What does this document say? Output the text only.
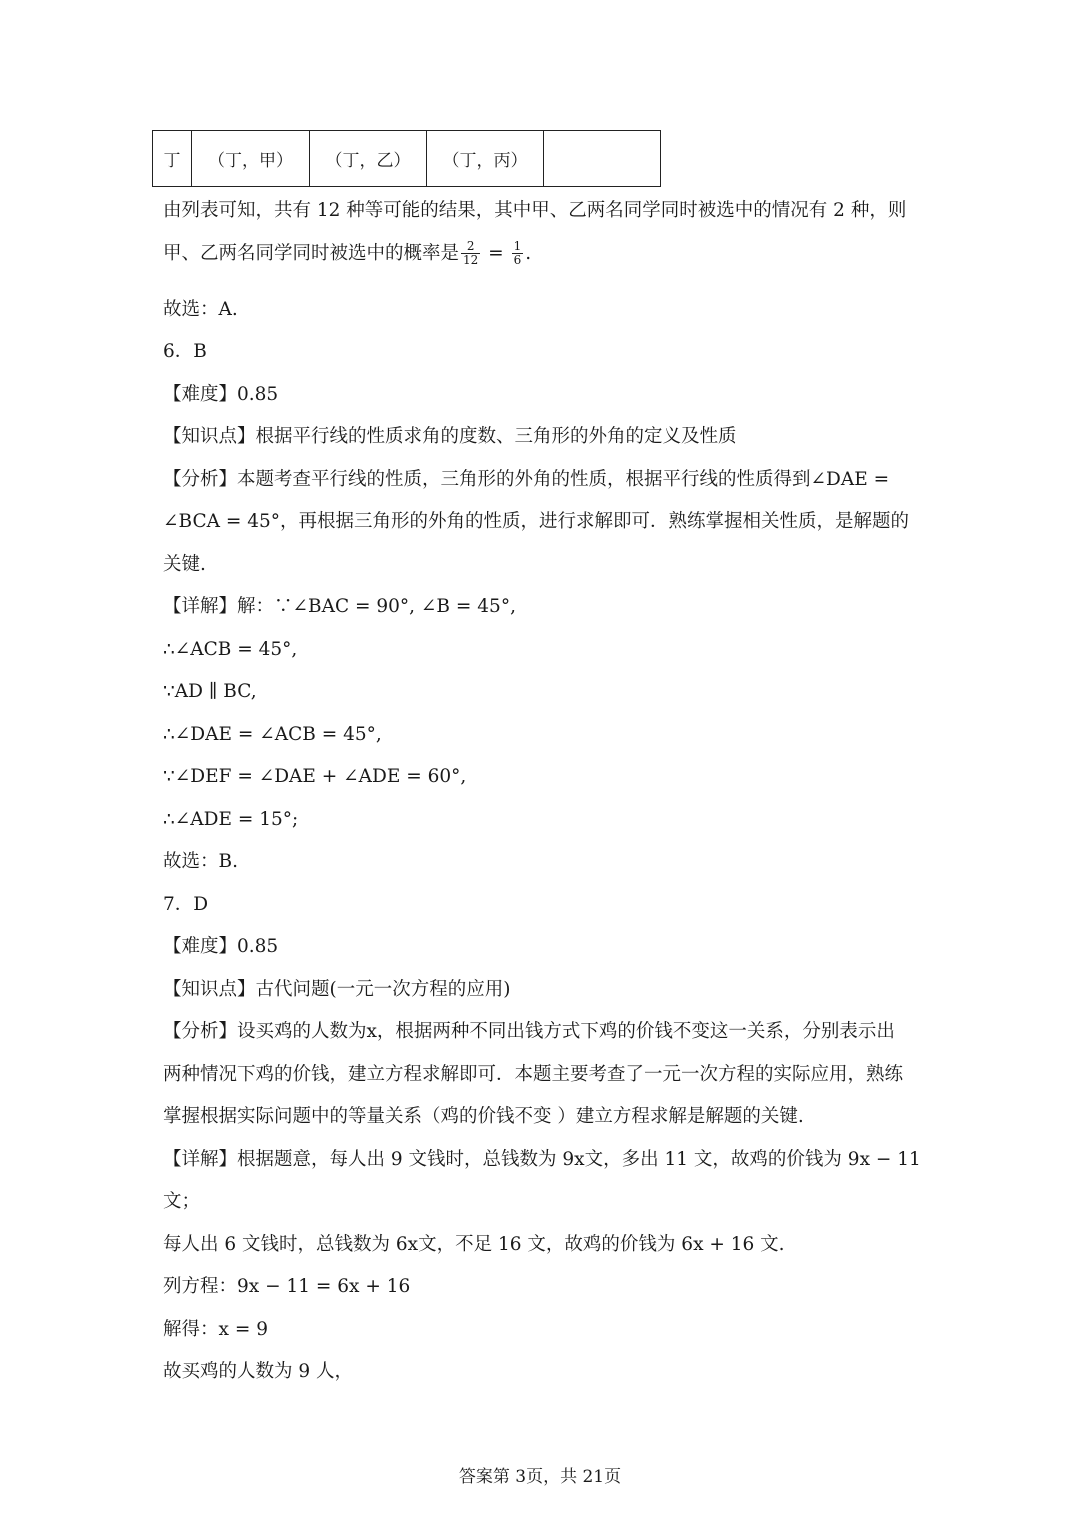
丁	（丁，甲）	（丁，乙）	（丁，丙）	
由列表可知，共有 12 种等可能的结果，其中甲、乙两名同学同时被选中的情况有 2 种，则
甲、乙两名同学同时被选中的概率是 $\frac{2}{12} = \frac{1}{6}$ .
故选：A.
6．B
【难度】0.85
【知识点】根据平行线的性质求角的度数、三角形的外角的定义及性质
【分析】本题考查平行线的性质，三角形的外角的性质，根据平行线的性质得到∠DAE =
∠BCA = 45°，再根据三角形的外角的性质，进行求解即可．熟练掌握相关性质，是解题的
关键.
【详解】解：∵∠BAC = 90°, ∠B = 45°,
∴∠ACB = 45°,
∵AD ∥ BC,
∴∠DAE = ∠ACB = 45°,
∵∠DEF = ∠DAE + ∠ADE = 60°,
∴∠ADE = 15°;
故选：B.
7．D
【难度】0.85
【知识点】古代问题(一元一次方程的应用)
【分析】设买鸡的人数为x，根据两种不同出钱方式下鸡的价钱不变这一关系，分别表示出
两种情况下鸡的价钱，建立方程求解即可．本题主要考查了一元一次方程的实际应用，熟练
掌握根据实际问题中的等量关系（鸡的价钱不变 ）建立方程求解是解题的关键.
【详解】根据题意，每人出 9 文钱时，总钱数为 9x文，多出 11 文，故鸡的价钱为 9x − 11
文；
每人出 6 文钱时，总钱数为 6x文，不足 16 文，故鸡的价钱为 6x + 16 文.
列方程：9x − 11 = 6x + 16
解得：x = 9
故买鸡的人数为 9 人，
答案第 3页，共 21页
